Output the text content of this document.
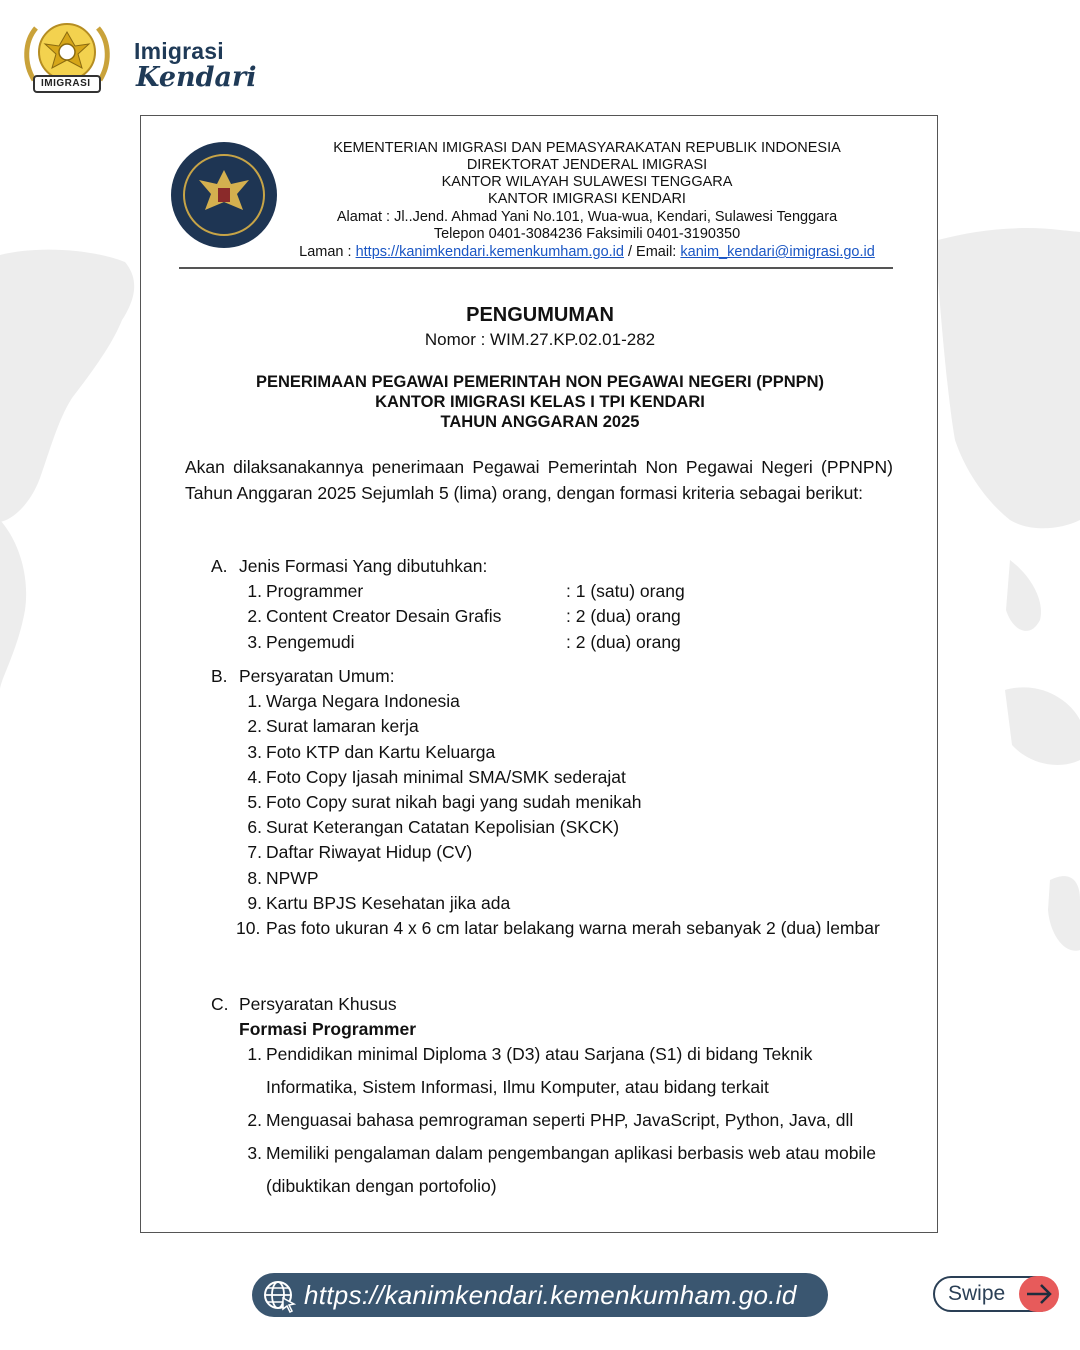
IMIGRASI
Imigrasi
Kendari
KEMENTERIAN IMIGRASI DAN PEMASYARAKATAN REPUBLIK INDONESIA
DIREKTORAT JENDERAL IMIGRASI
KANTOR WILAYAH SULAWESI TENGGARA
KANTOR IMIGRASI KENDARI
Alamat : Jl..Jend. Ahmad Yani No.101, Wua-wua, Kendari, Sulawesi Tenggara
Telepon 0401-3084236 Faksimili 0401-3190350
Laman : https://kanimkendari.kemenkumham.go.id / Email: kanim_kendari@imigrasi.go.id
PENGUMUMAN
Nomor : WIM.27.KP.02.01-282
PENERIMAAN PEGAWAI PEMERINTAH NON PEGAWAI NEGERI (PPNPN)
KANTOR IMIGRASI KELAS I TPI KENDARI
TAHUN ANGGARAN 2025
Akan dilaksanakannya penerimaan Pegawai Pemerintah Non Pegawai Negeri (PPNPN) Tahun Anggaran 2025 Sejumlah 5 (lima) orang, dengan formasi kriteria sebagai berikut:
A. Jenis Formasi Yang dibutuhkan:
1. Programmer	: 1 (satu) orang
2. Content Creator Desain Grafis	: 2 (dua) orang
3. Pengemudi	: 2 (dua) orang
B. Persyaratan Umum:
1. Warga Negara Indonesia
2. Surat lamaran kerja
3. Foto KTP dan Kartu Keluarga
4. Foto Copy Ijasah minimal SMA/SMK sederajat
5. Foto Copy surat nikah bagi yang sudah menikah
6. Surat Keterangan Catatan Kepolisian (SKCK)
7. Daftar Riwayat Hidup (CV)
8. NPWP
9. Kartu BPJS Kesehatan jika ada
10. Pas foto ukuran 4 x 6 cm latar belakang warna merah sebanyak 2 (dua) lembar
C. Persyaratan Khusus
Formasi Programmer
1. Pendidikan minimal Diploma 3 (D3) atau Sarjana (S1) di bidang Teknik
Informatika, Sistem Informasi, Ilmu Komputer, atau bidang terkait
2. Menguasai bahasa pemrograman seperti PHP, JavaScript, Python, Java, dll
3. Memiliki pengalaman dalam pengembangan aplikasi berbasis web atau mobile
(dibuktikan dengan portofolio)
https://kanimkendari.kemenkumham.go.id	Swipe
